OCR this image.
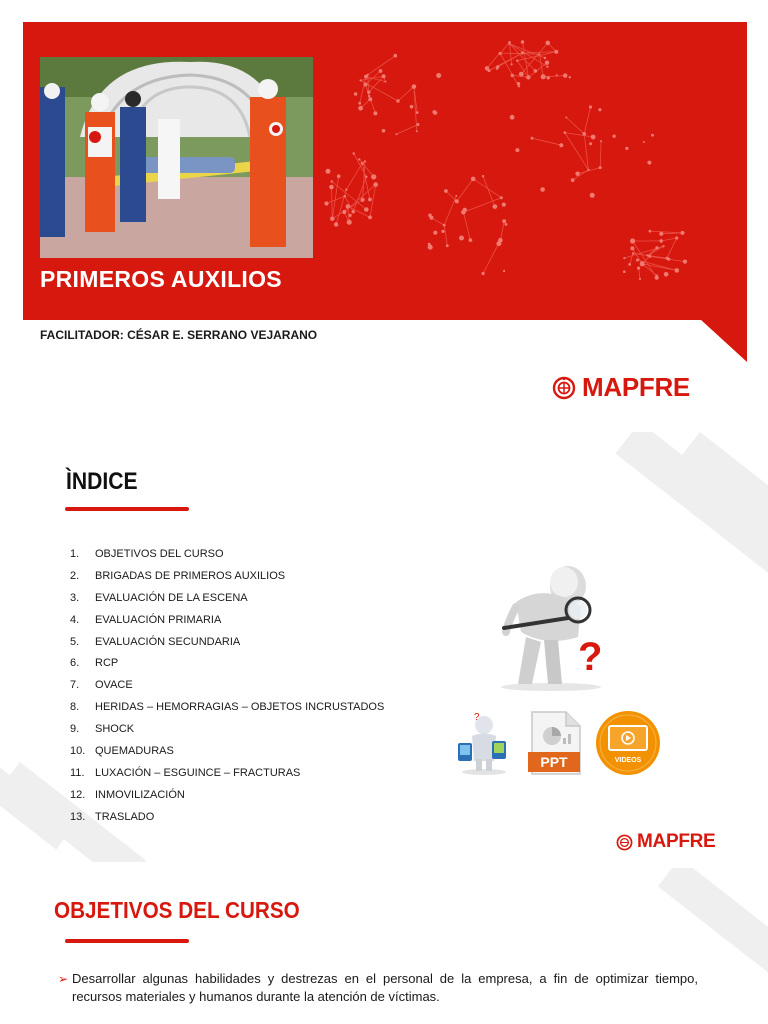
PRIMEROS AUXILIOS
FACILITADOR: CÉSAR E. SERRANO VEJARANO
MAPFRE
ÌNDICE
1.	OBJETIVOS DEL CURSO
2.	BRIGADAS DE PRIMEROS AUXILIOS
3.	EVALUACIÓN DE LA ESCENA
4.	EVALUACIÓN PRIMARIA
5.	EVALUACIÓN SECUNDARIA
6.	RCP
7.	OVACE
8.	HERIDAS – HEMORRAGIAS – OBJETOS INCRUSTADOS
9.	SHOCK
10. QUEMADURAS
11. LUXACIÓN – ESGUINCE – FRACTURAS
12. INMOVILIZACIÓN
13. TRASLADO
?
?
PPT	VIDEOS
MAPFRE
OBJETIVOS DEL CURSO
➢ Desarrollar algunas habilidades y destrezas en el personal de la empresa, a fin de optimizar tiempo, recursos materiales y humanos durante la atención de víctimas.
